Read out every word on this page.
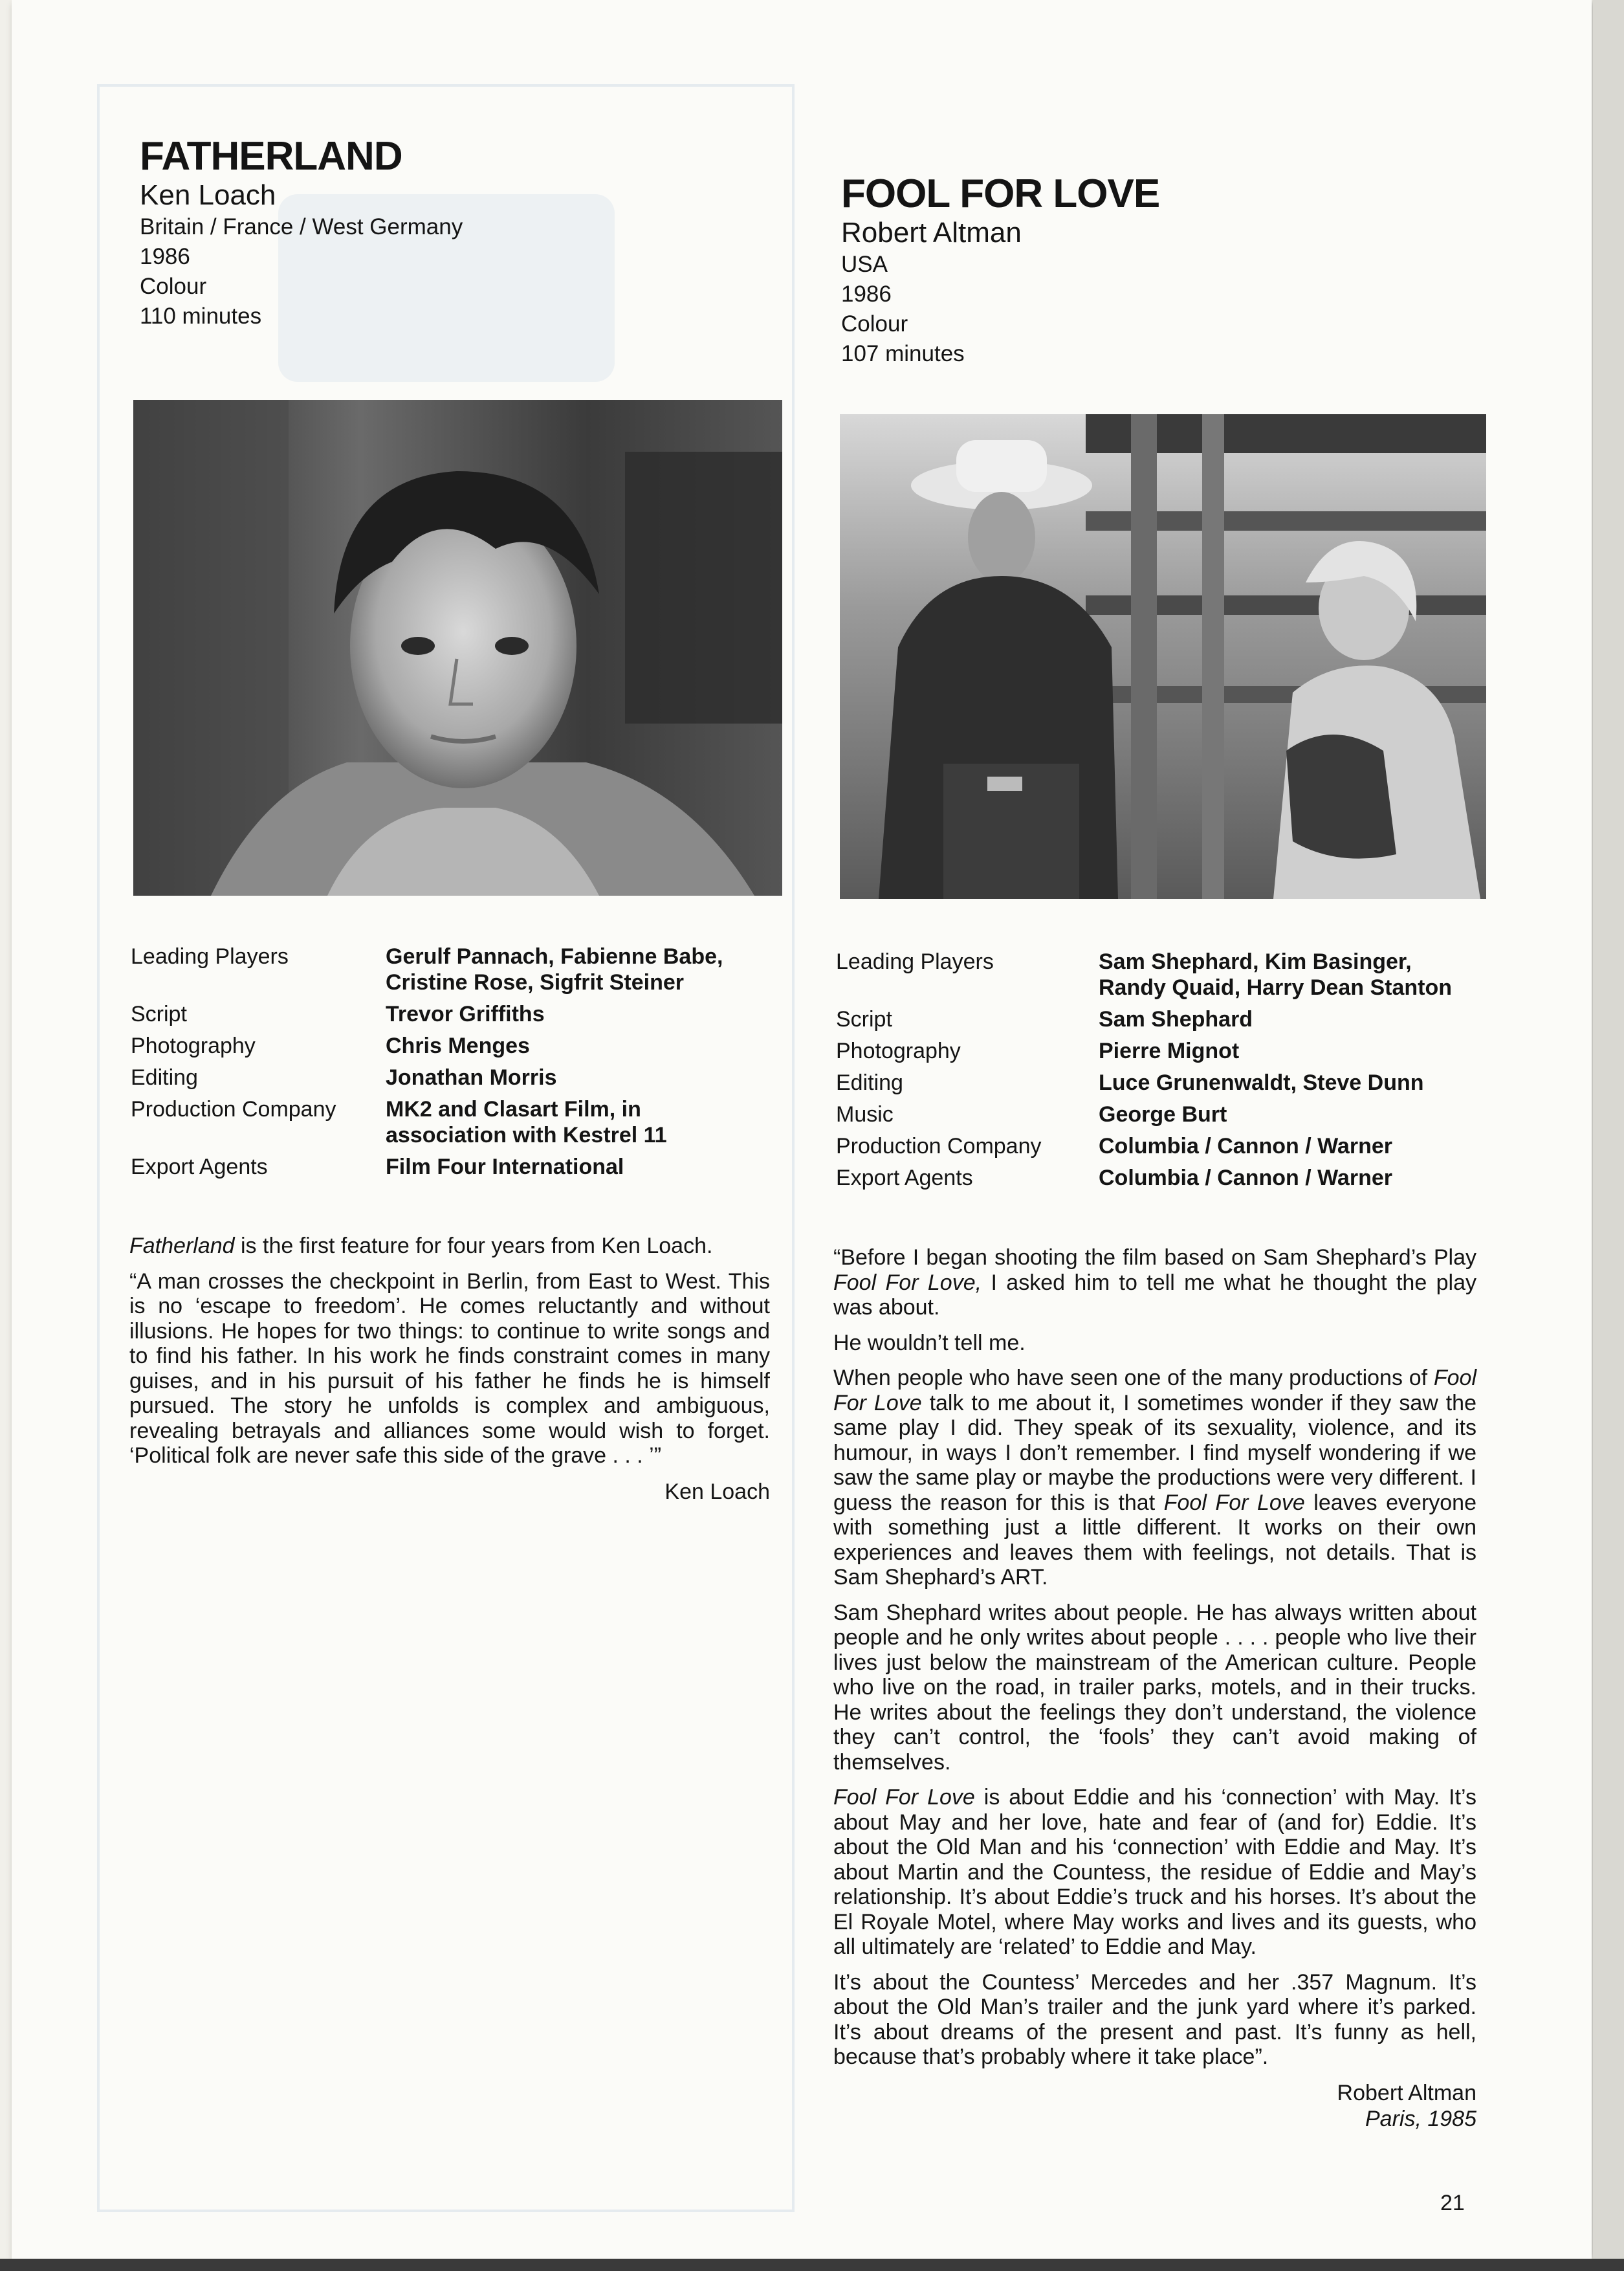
FATHERLAND
Ken Loach
Britain / France / West Germany
1986
Colour
110 minutes
Leading Players	Gerulf Pannach, Fabienne Babe, Cristine Rose, Sigfrit Steiner
Script	Trevor Griffiths
Photography	Chris Menges
Editing	Jonathan Morris
Production Company	MK2 and Clasart Film, in association with Kestrel 11
Export Agents	Film Four International

Fatherland is the first feature for four years from Ken Loach.

“A man crosses the checkpoint in Berlin, from East to West. This is no ‘escape to freedom’. He comes reluctantly and without illusions. He hopes for two things: to continue to write songs and to find his father. In his work he finds constraint comes in many guises, and in his pursuit of his father he finds he is himself pursued. The story he unfolds is complex and ambiguous, revealing betrayals and alliances some would wish to forget. ‘Political folk are never safe this side of the grave . . . ’”

Ken Loach
FOOL FOR LOVE
Robert Altman
USA
1986
Colour
107 minutes
Leading Players	Sam Shephard, Kim Basinger, Randy Quaid, Harry Dean Stanton
Script	Sam Shephard
Photography	Pierre Mignot
Editing	Luce Grunenwaldt, Steve Dunn
Music	George Burt
Production Company	Columbia / Cannon / Warner
Export Agents	Columbia / Cannon / Warner

“Before I began shooting the film based on Sam Shephard’s Play Fool For Love, I asked him to tell me what he thought the play was about.

He wouldn’t tell me.

When people who have seen one of the many productions of Fool For Love talk to me about it, I sometimes wonder if they saw the same play I did. They speak of its sexuality, violence, and its humour, in ways I don’t remember. I find myself wondering if we saw the same play or maybe the productions were very different. I guess the reason for this is that Fool For Love leaves everyone with something just a little different. It works on their own experiences and leaves them with feelings, not details. That is Sam Shephard’s ART.

Sam Shephard writes about people. He has always written about people and he only writes about people . . . . people who live their lives just below the mainstream of the American culture. People who live on the road, in trailer parks, motels, and in their trucks. He writes about the feelings they don’t understand, the violence they can’t control, the ‘fools’ they can’t avoid making of themselves.

Fool For Love is about Eddie and his ‘connection’ with May. It’s about May and her love, hate and fear of (and for) Eddie. It’s about the Old Man and his ‘connection’ with Eddie and May. It’s about Martin and the Countess, the residue of Eddie and May’s relationship. It’s about Eddie’s truck and his horses. It’s about the El Royale Motel, where May works and lives and its guests, who all ultimately are ‘related’ to Eddie and May.

It’s about the Countess’ Mercedes and her .357 Magnum. It’s about the Old Man’s trailer and the junk yard where it’s parked. It’s about dreams of the present and past. It’s funny as hell, because that’s probably where it take place”.

Robert Altman
Paris, 1985
21
